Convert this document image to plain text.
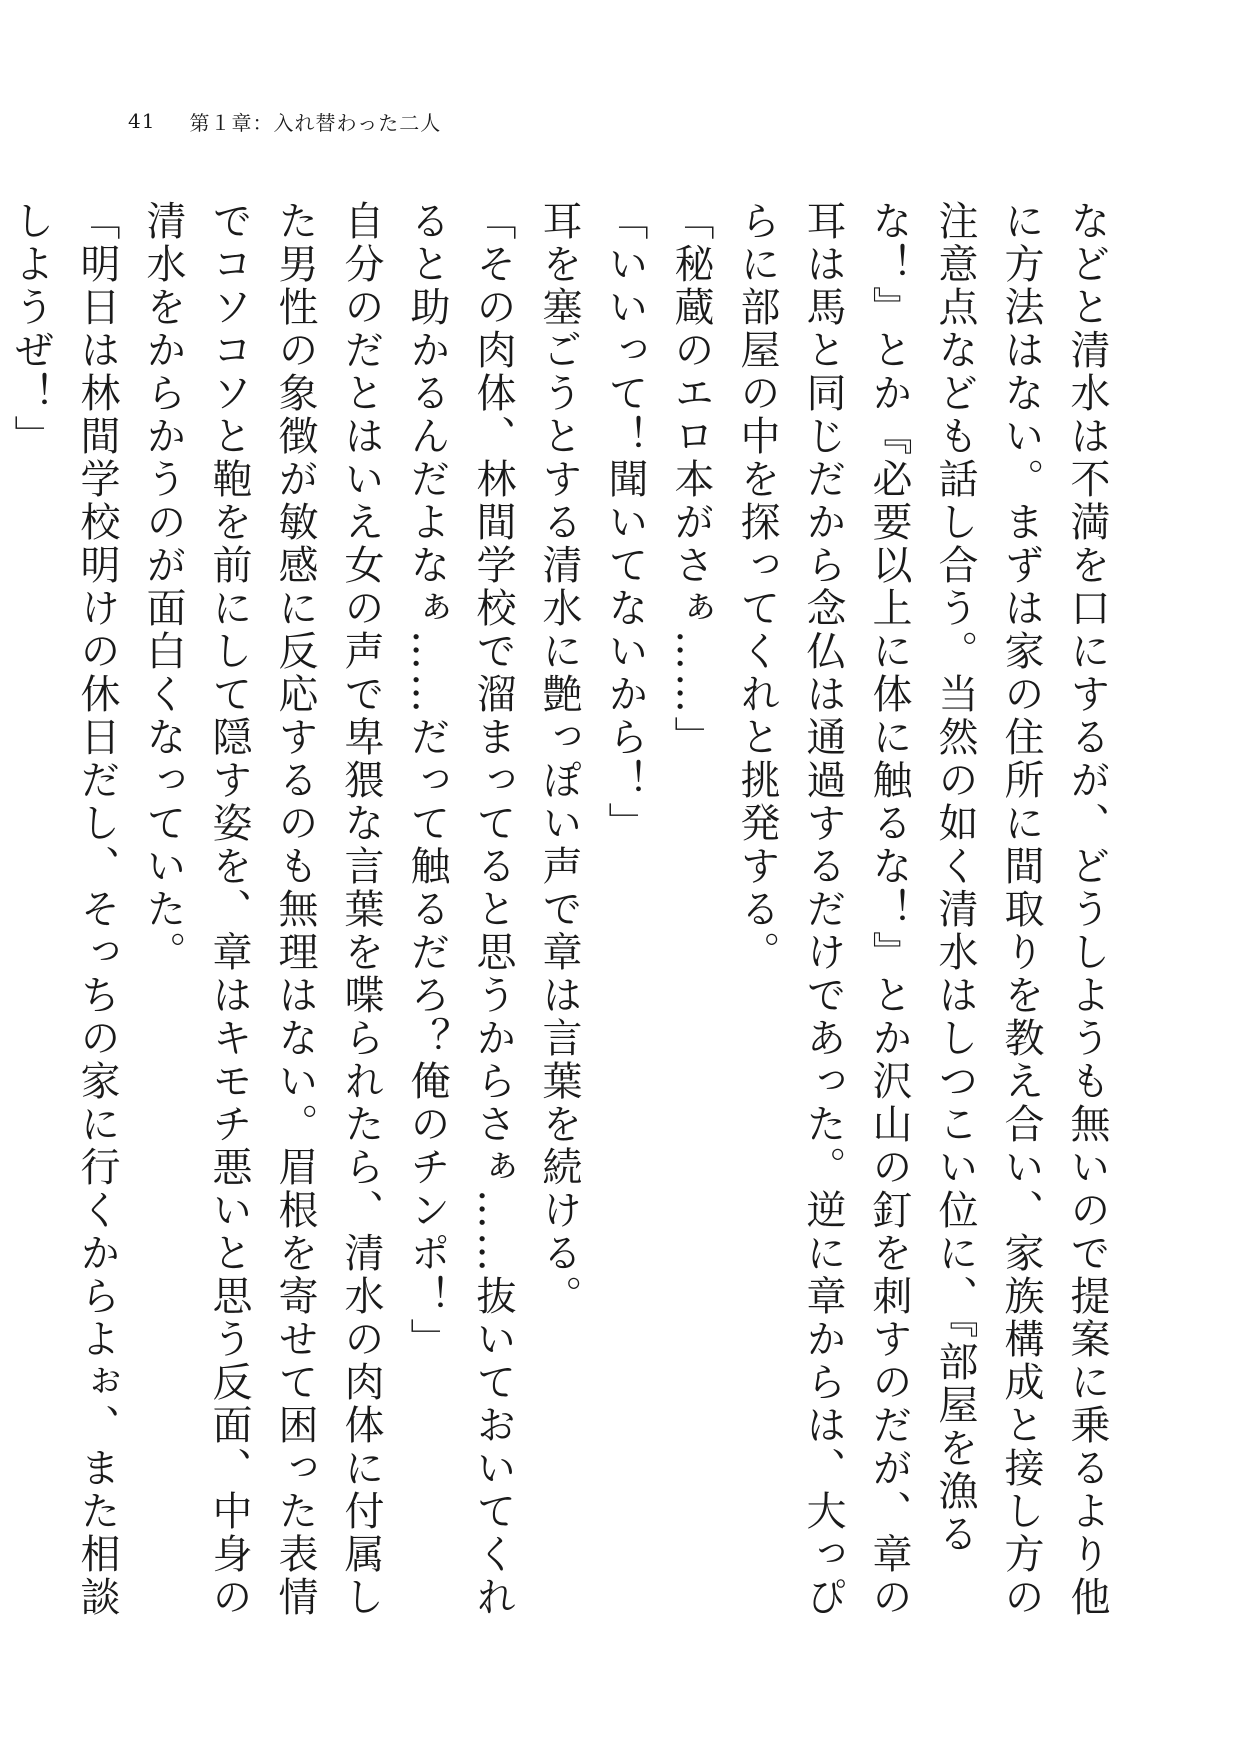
41 第１章：入れ替わった二人

などと清水は不満を口にするが、どうしようも無いので提案に乗るより他に方法はない。まずは家の住所に間取りを教え合い、家族構成と接し方の注意点なども話し合う。当然の如く清水はしつこい位に、『部屋を漁るな！』とか『必要以上に体に触るな！』とか沢山の釘を刺すのだが、章の耳は馬と同じだから念仏は通過するだけであった。逆に章からは、大っぴらに部屋の中を探ってくれと挑発する。

「秘蔵のエロ本がさぁ……」

「いいって！聞いてないから！」

耳を塞ごうとする清水に艶っぽい声で章は言葉を続ける。

「その肉体、林間学校で溜まってると思うからさぁ……抜いておいてくれると助かるんだよなぁ……だって触るだろ？俺のチンポ！」

自分のだとはいえ女の声で卑猥な言葉を喋られたら、清水の肉体に付属した男性の象徴が敏感に反応するのも無理はない。眉根を寄せて困った表情でコソコソと鞄を前にして隠す姿を、章はキモチ悪いと思う反面、中身の清水をからかうのが面白くなっていた。

「明日は林間学校明けの休日だし、そっちの家に行くからよぉ、また相談しようぜ！」
